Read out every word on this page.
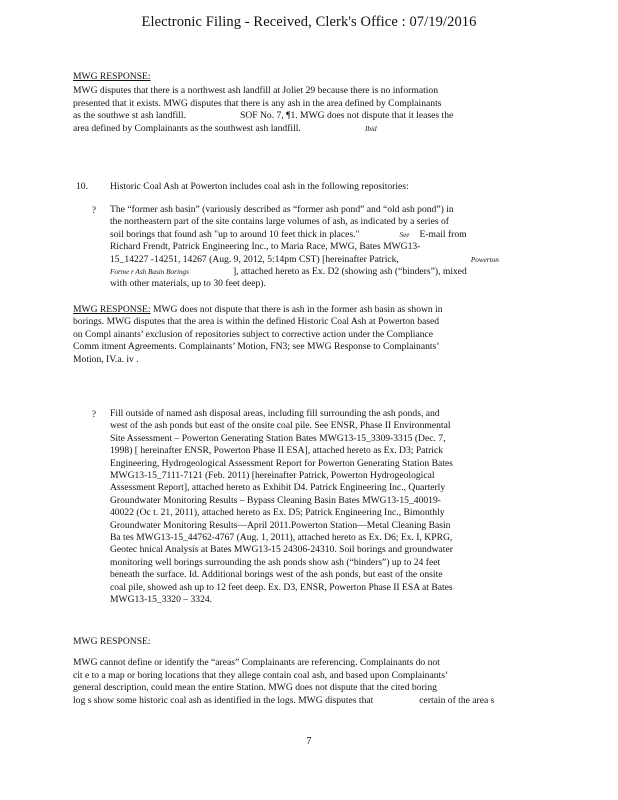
Electronic Filing - Received, Clerk's Office : 07/19/2016
MWG RESPONSE:
MWG disputes that there is a northwest ash landfill at Joliet 29 because there is no information
presented that it exists. MWG disputes that there is any ash in the area defined by Complainants
as the southwe st ash landfill.	SOF No. 7, ¶1. MWG does not dispute that it leases the
area defined by Complainants as the southwest ash landfill.	Ibid
10. Historic Coal Ash at Powerton includes coal ash in the following repositories:
? The “former ash basin” (variously described as “former ash pond” and “old ash pond”) in
the northeastern part of the site contains large volumes of ash, as indicated by a series of
soil borings that found ash "up to around 10 feet thick in places."	See E-mail from
Richard Frendt, Patrick Engineering Inc., to Maria Race, MWG, Bates MWG13-
15_14227 -14251, 14267 (Aug. 9, 2012, 5:14pm CST) [hereinafter Patrick,	Powerton
Forme r Ash Basin Borings	], attached hereto as Ex. D2 (showing ash (“binders”), mixed
with other materials, up to 30 feet deep).
MWG RESPONSE: MWG does not dispute that there is ash in the former ash basin as shown in
borings. MWG disputes that the area is within the defined Historic Coal Ash at Powerton based
on Compl ainants’ exclusion of repositories subject to corrective action under the Compliance
Comm itment Agreements. Complainants’ Motion, FN3; see MWG Response to Complainants’
Motion, IV.a. iv .
? Fill outside of named ash disposal areas, including fill surrounding the ash ponds, and
west of the ash ponds but east of the onsite coal pile. See ENSR, Phase II Environmental
Site Assessment – Powerton Generating Station Bates MWG13-15_3309-3315 (Dec. 7,
1998) [ hereinafter ENSR, Powerton Phase II ESA], attached hereto as Ex. D3; Patrick
Engineering, Hydrogeological Assessment Report for Powerton Generating Station Bates
MWG13-15_7111-7121 (Feb. 2011) [hereinafter Patrick, Powerton Hydrogeological
Assessment Report], attached hereto as Exhibit D4. Patrick Engineering Inc., Quarterly
Groundwater Monitoring Results – Bypass Cleaning Basin Bates MWG13-15_40019-
40022 (Oc t. 21, 2011), attached hereto as Ex. D5; Patrick Engineering Inc., Bimonthly
Groundwater Monitoring Results—April 2011.Powerton Station—Metal Cleaning Basin
Ba tes MWG13-15_44762-4767 (Aug. 1, 2011), attached hereto as Ex. D6; Ex. I, KPRG,
Geotec hnical Analysis at Bates MWG13-15 24306-24310. Soil borings and groundwater
monitoring well borings surrounding the ash ponds show ash (“binders”) up to 24 feet
beneath the surface. Id. Additional borings west of the ash ponds, but east of the onsite
coal pile, showed ash up to 12 feet deep. Ex. D3, ENSR, Powerton Phase II ESA at Bates
MWG13-15_3320 – 3324.
MWG RESPONSE:
MWG cannot define or identify the “areas” Complainants are referencing. Complainants do not
cit e to a map or boring locations that they allege contain coal ash, and based upon Complainants’
general description, could mean the entire Station. MWG does not dispute that the cited boring
log s show some historic coal ash as identified in the logs. MWG disputes that	certain of the area s
7
